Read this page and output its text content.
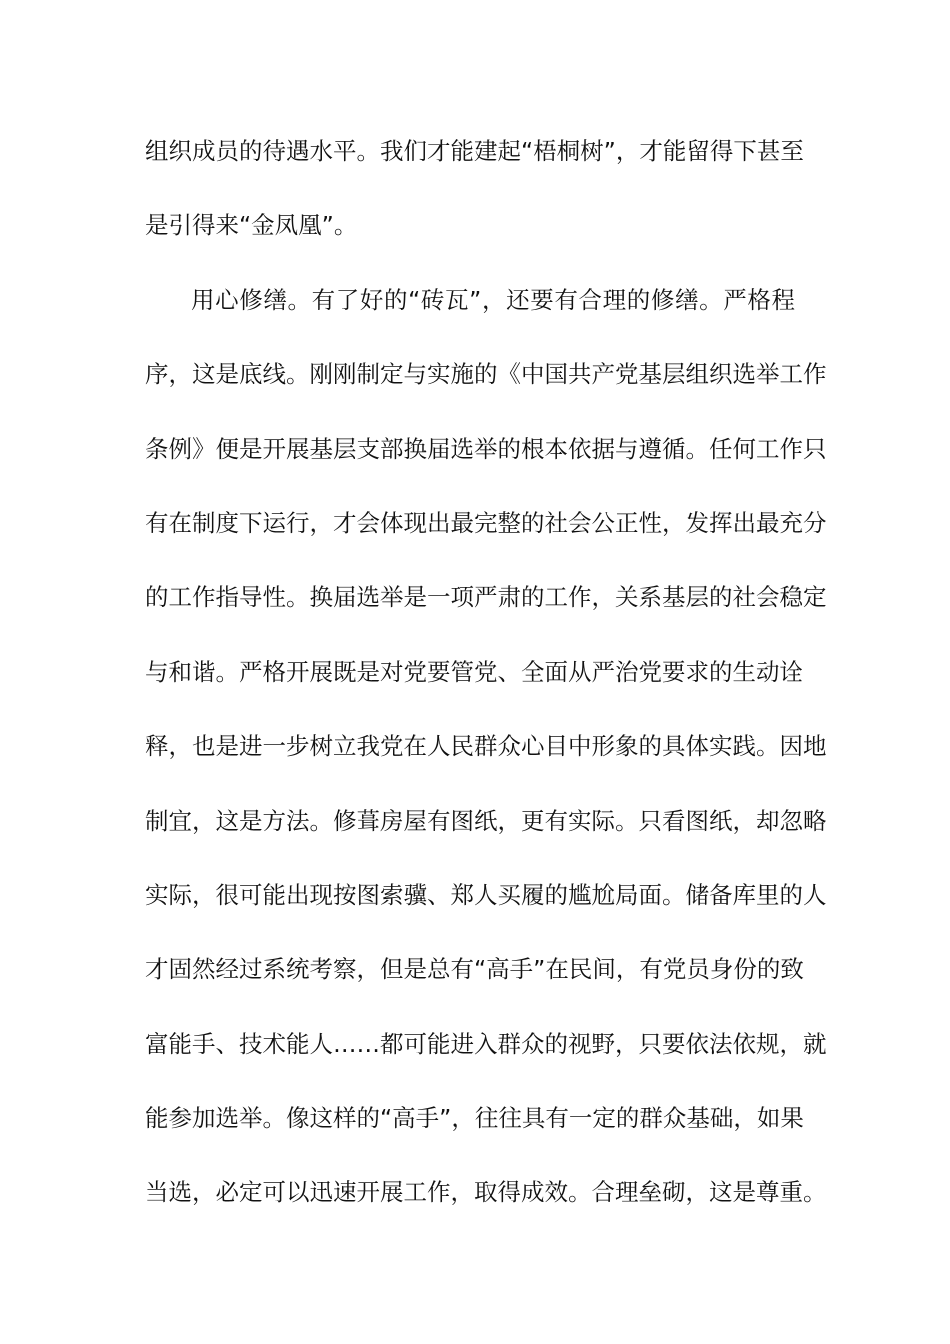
组织成员的待遇水平。我们才能建起“梧桐树”，才能留得下甚至
是引得来“金凤凰”。
用心修缮。有了好的“砖瓦”，还要有合理的修缮。严格程
序，这是底线。刚刚制定与实施的《中国共产党基层组织选举工作
条例》便是开展基层支部换届选举的根本依据与遵循。任何工作只
有在制度下运行，才会体现出最完整的社会公正性，发挥出最充分
的工作指导性。换届选举是一项严肃的工作，关系基层的社会稳定
与和谐。严格开展既是对党要管党、全面从严治党要求的生动诠
释，也是进一步树立我党在人民群众心目中形象的具体实践。因地
制宜，这是方法。修葺房屋有图纸，更有实际。只看图纸，却忽略
实际，很可能出现按图索骥、郑人买履的尴尬局面。储备库里的人
才固然经过系统考察，但是总有“高手”在民间，有党员身份的致
富能手、技术能人……都可能进入群众的视野，只要依法依规，就
能参加选举。像这样的“高手”，往往具有一定的群众基础，如果
当选，必定可以迅速开展工作，取得成效。合理垒砌，这是尊重。
